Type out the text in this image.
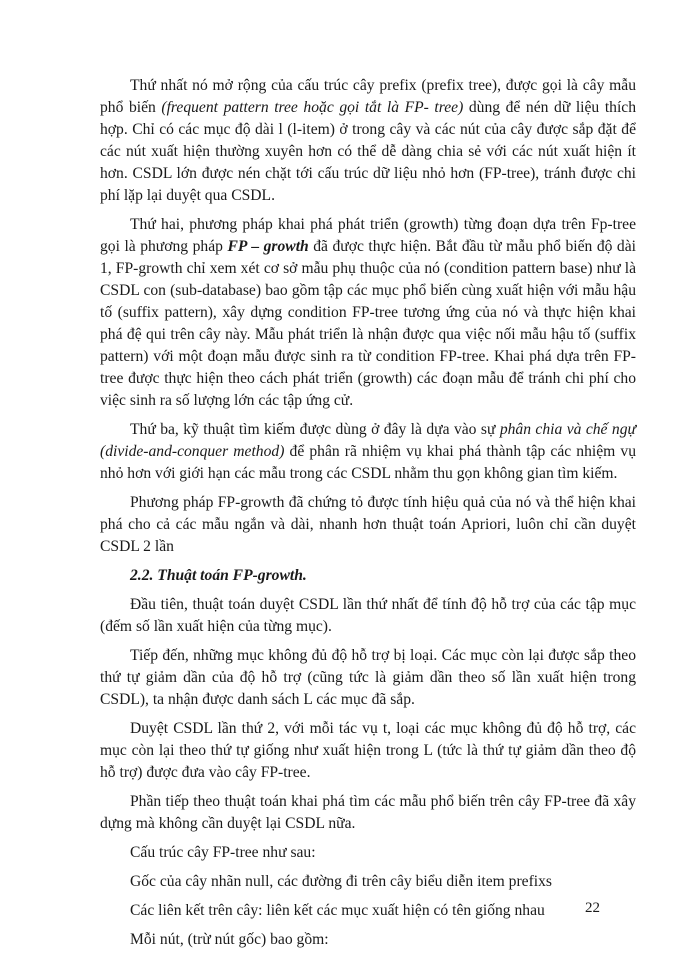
Thứ nhất nó mở rộng của cấu trúc cây prefix (prefix tree), được gọi là cây mẫu phổ biến (frequent pattern tree hoặc gọi tắt là FP- tree) dùng để nén dữ liệu thích hợp. Chỉ có các mục độ dài l (l-item) ở trong cây và các nút của cây được sắp đặt để các nút xuất hiện thường xuyên hơn có thể dễ dàng chia sẻ với các nút xuất hiện ít hơn. CSDL lớn được nén chặt tới cấu trúc dữ liệu nhỏ hơn (FP-tree), tránh được chi phí lặp lại duyệt qua CSDL.

Thứ hai, phương pháp khai phá phát triển (growth) từng đoạn dựa trên Fp-tree gọi là phương pháp FP – growth đã được thực hiện. Bắt đầu từ mẫu phổ biến độ dài 1, FP-growth chỉ xem xét cơ sở mẫu phụ thuộc của nó (condition pattern base) như là CSDL con (sub-database) bao gồm tập các mục phổ biến cùng xuất hiện với mẫu hậu tố (suffix pattern), xây dựng condition FP-tree tương ứng của nó và thực hiện khai phá đệ qui trên cây này. Mẫu phát triển là nhận được qua việc nối mẫu hậu tố (suffix pattern) với một đoạn mẫu được sinh ra từ condition FP-tree. Khai phá dựa trên FP-tree được thực hiện theo cách phát triển (growth) các đoạn mẫu để tránh chi phí cho việc sinh ra số lượng lớn các tập ứng cử.

Thứ ba, kỹ thuật tìm kiếm được dùng ở đây là dựa vào sự phân chia và chế ngự (divide-and-conquer method) để phân rã nhiệm vụ khai phá thành tập các nhiệm vụ nhỏ hơn với giới hạn các mẫu trong các CSDL nhằm thu gọn không gian tìm kiếm.

Phương pháp FP-growth đã chứng tỏ được tính hiệu quả của nó và thể hiện khai phá cho cả các mẫu ngắn và dài, nhanh hơn thuật toán Apriori, luôn chỉ cần duyệt CSDL 2 lần

2.2. Thuật toán FP-growth.

Đầu tiên, thuật toán duyệt CSDL lần thứ nhất để tính độ hỗ trợ của các tập mục (đếm số lần xuất hiện của từng mục).

Tiếp đến, những mục không đủ độ hỗ trợ bị loại. Các mục còn lại được sắp theo thứ tự giảm dần của độ hỗ trợ (cũng tức là giảm dần theo số lần xuất hiện trong CSDL), ta nhận được danh sách L các mục đã sắp.

Duyệt CSDL lần thứ 2, với mỗi tác vụ t, loại các mục không đủ độ hỗ trợ, các mục còn lại theo thứ tự giống như xuất hiện trong L (tức là thứ tự giảm dần theo độ hỗ trợ) được đưa vào cây FP-tree.

Phần tiếp theo thuật toán khai phá tìm các mẫu phổ biến trên cây FP-tree đã xây dựng mà không cần duyệt lại CSDL nữa.

Cấu trúc cây FP-tree như sau:

Gốc của cây nhãn null, các đường đi trên cây biểu diễn item prefixs

Các liên kết trên cây: liên kết các mục xuất hiện có tên giống nhau

Mỗi nút, (trừ nút gốc) bao gồm:

22
